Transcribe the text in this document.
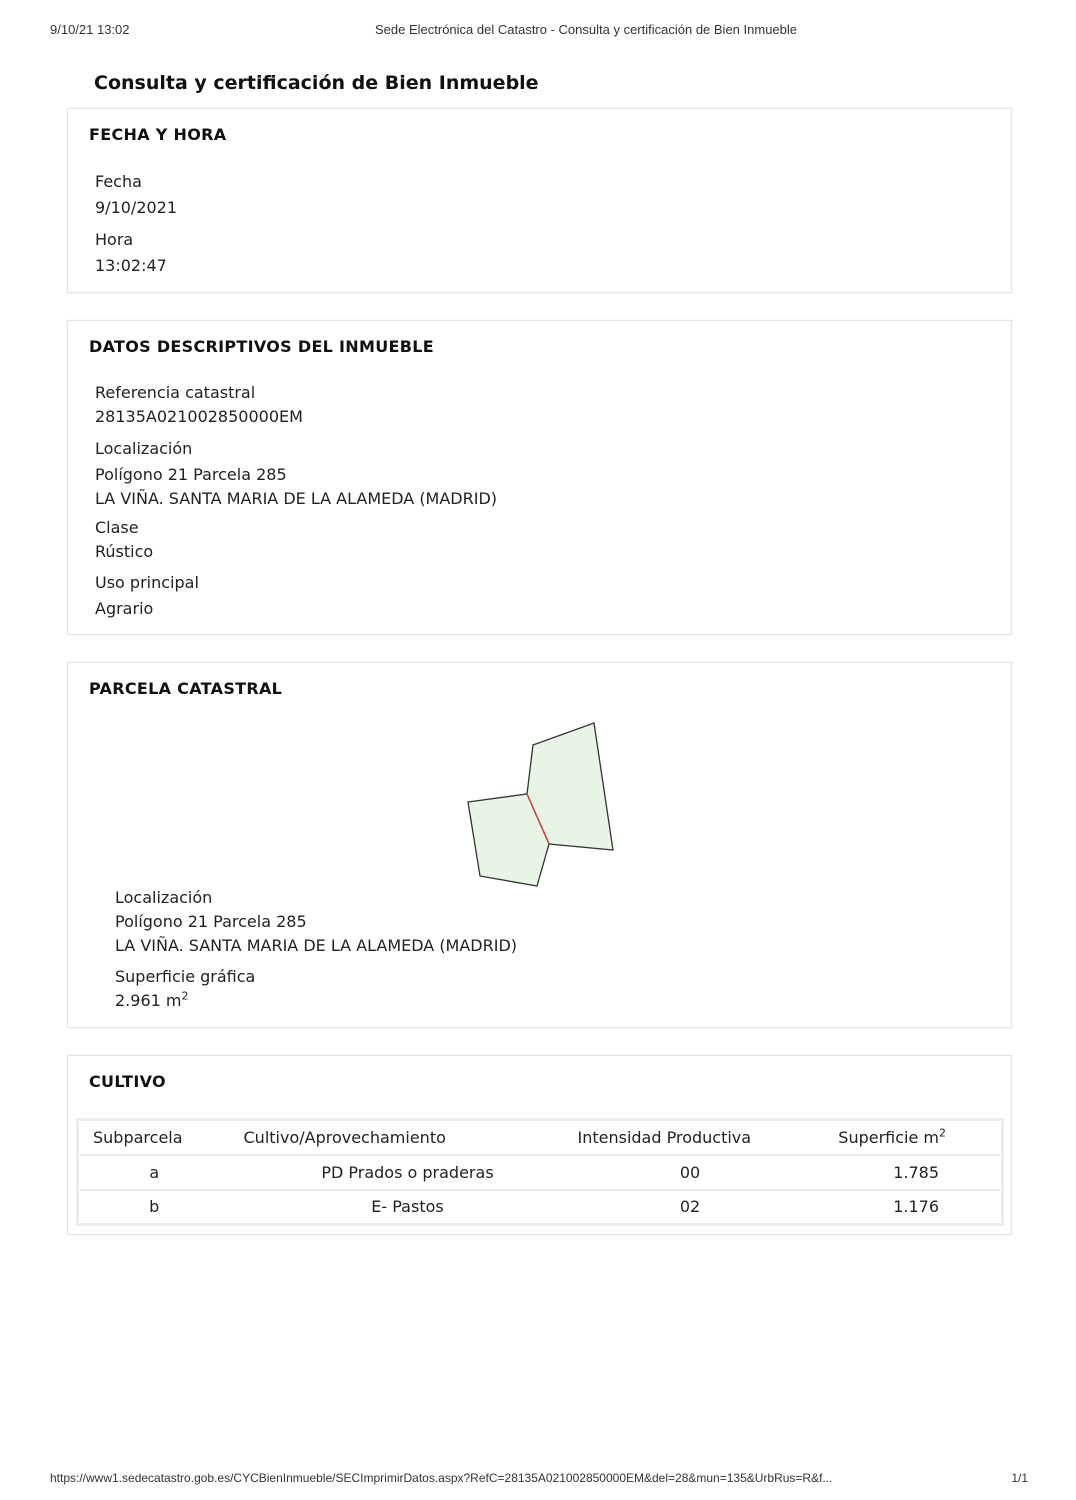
9/10/21 13:02	Sede Electrónica del Catastro - Consulta y certificación de Bien Inmueble
Consulta y certificación de Bien Inmueble
FECHA Y HORA
Fecha
9/10/2021
Hora
13:02:47
DATOS DESCRIPTIVOS DEL INMUEBLE
Referencia catastral
28135A021002850000EM
Localización
Polígono 21 Parcela 285
LA VIÑA. SANTA MARIA DE LA ALAMEDA (MADRID)
Clase
Rústico
Uso principal
Agrario
PARCELA CATASTRAL
Localización
Polígono 21 Parcela 285
LA VIÑA. SANTA MARIA DE LA ALAMEDA (MADRID)
Superficie gráfica
2.961 $m^2$
CULTIVO
Subparcela	Cultivo/Aprovechamiento	Intensidad Productiva	Superficie $m^2$
a	PD Prados o praderas	00	1.785
b	E- Pastos	02	1.176
https://www1.sedecatastro.gob.es/CYCBienInmueble/SECImprimirDatos.aspx?RefC=28135A021002850000EM&del=28&mun=135&UrbRus=R&f...	1/1
